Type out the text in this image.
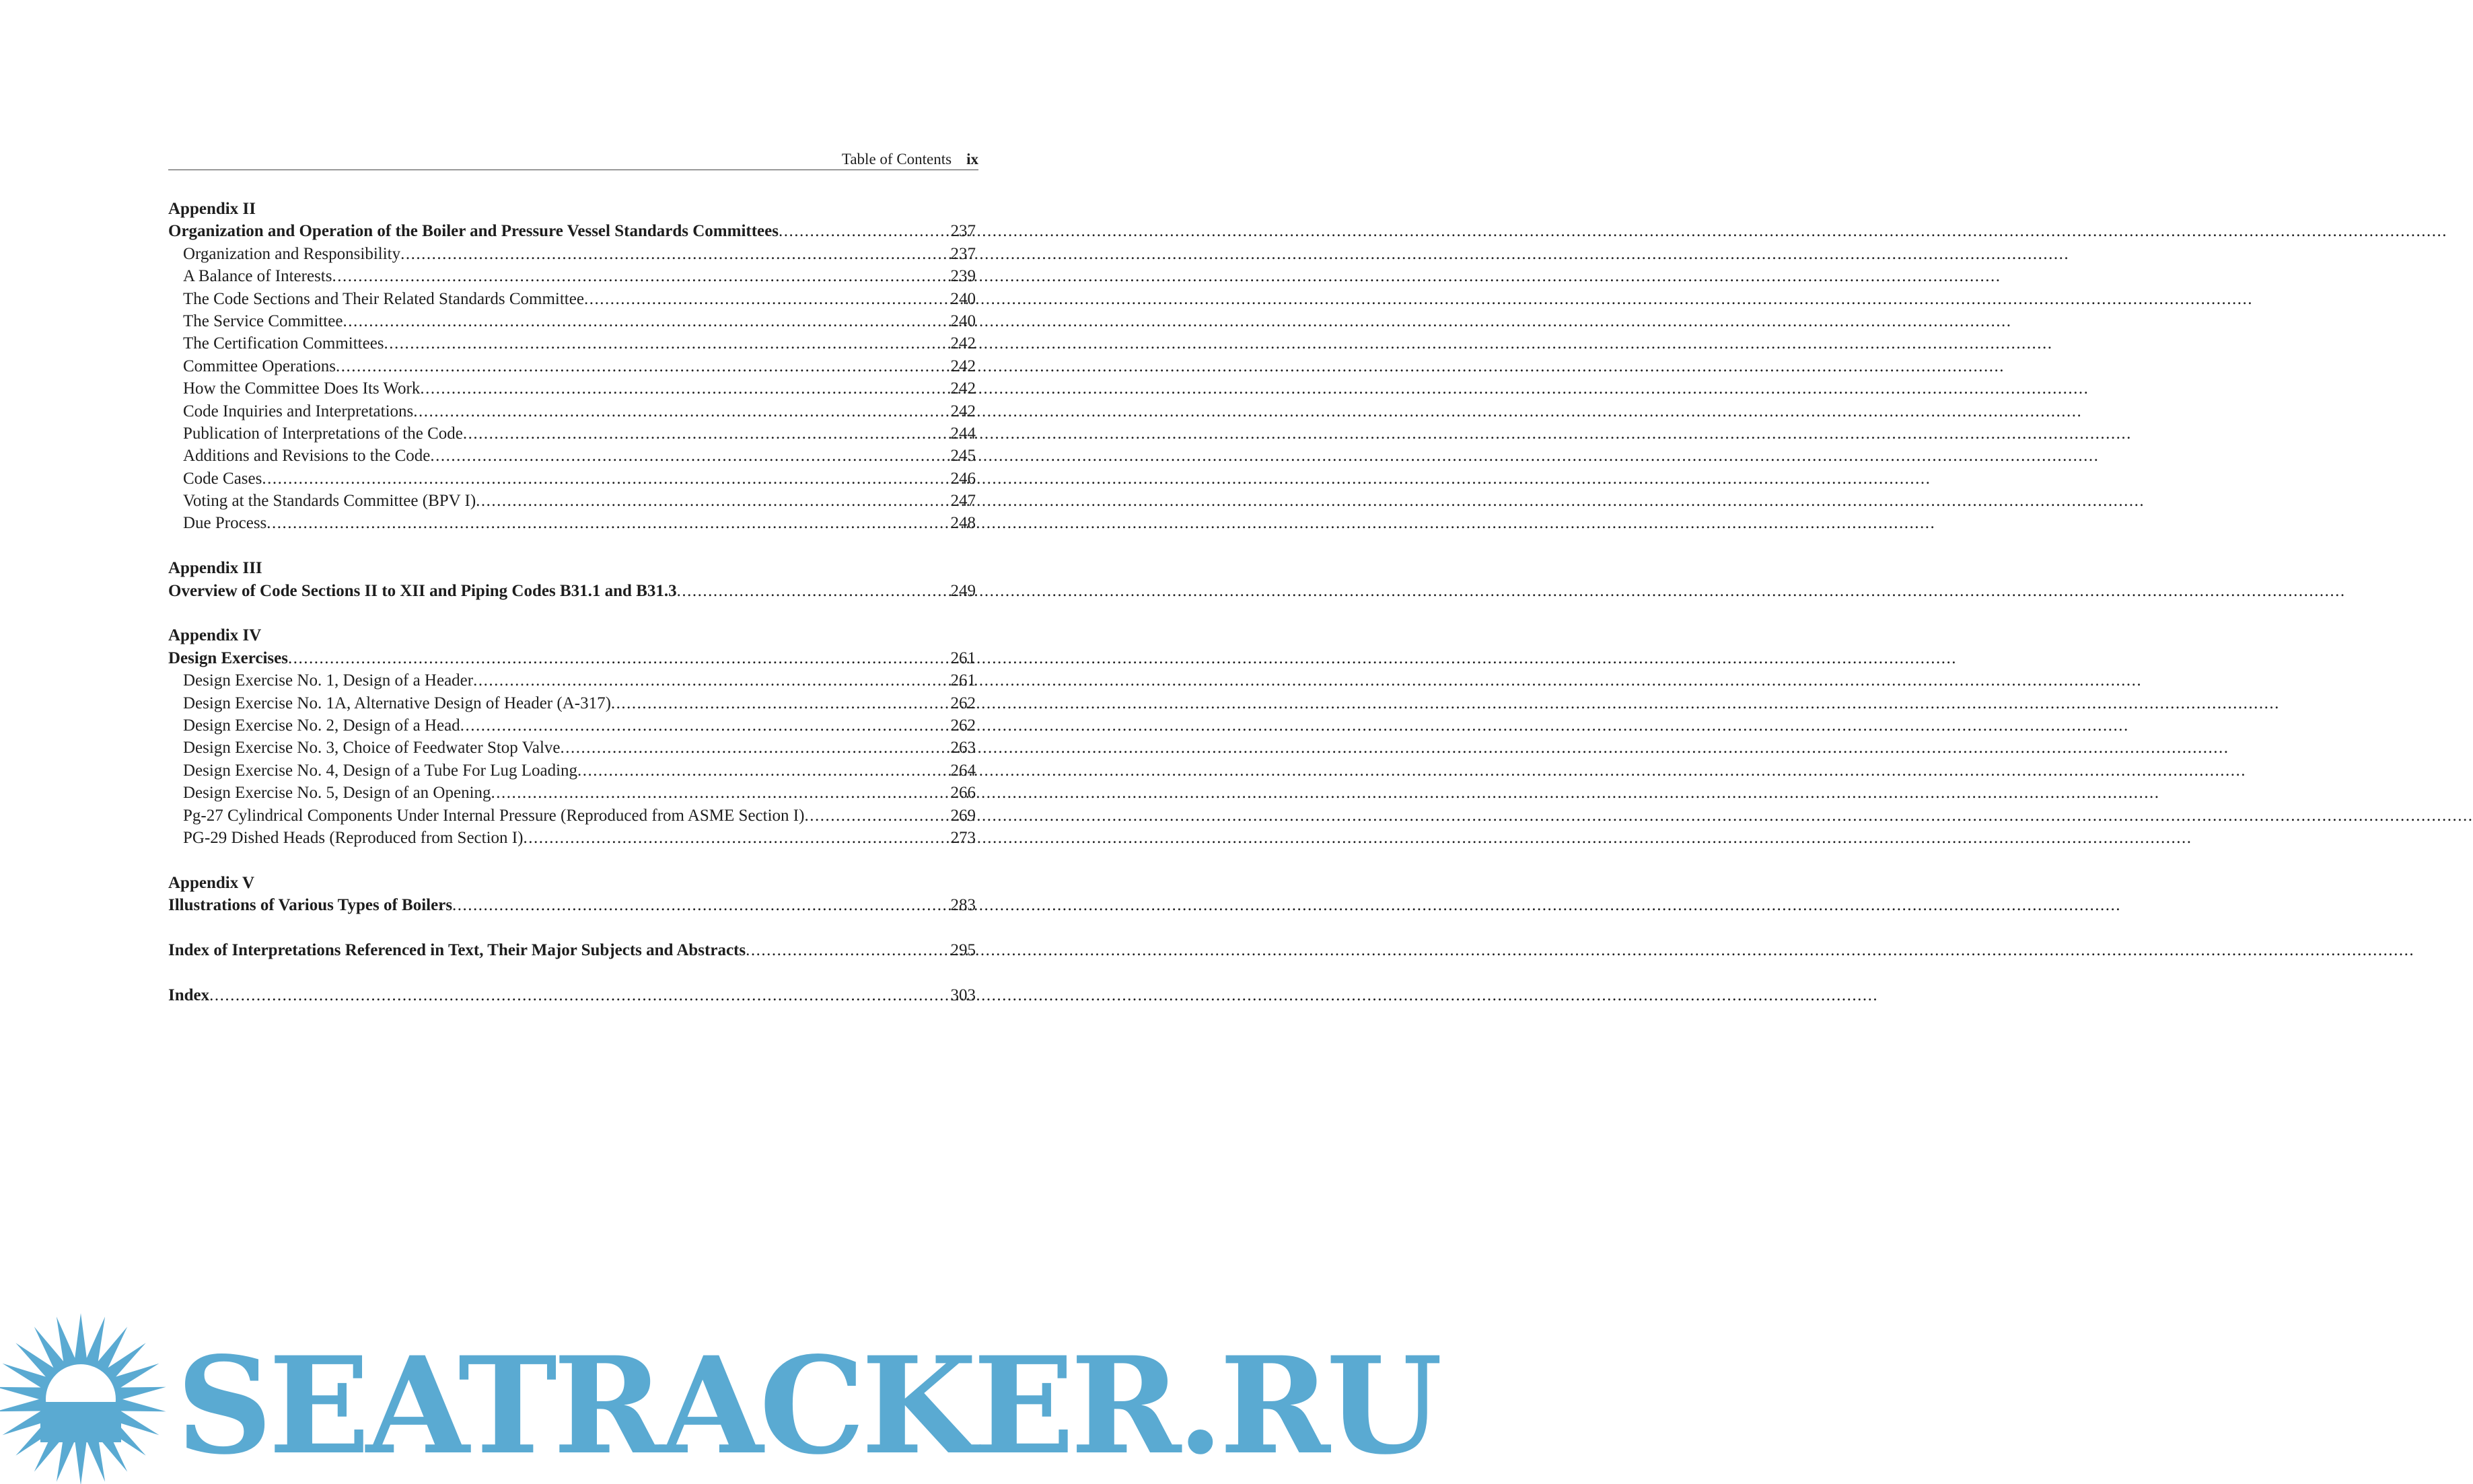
Table of Contents ix
Appendix II
Organization and Operation of the Boiler and Pressure Vessel Standards Committees .....	237
Organization and Responsibility .....	237
A Balance of Interests .....	239
The Code Sections and Their Related Standards Committee .....	240
The Service Committee .....	240
The Certification Committees .....	242
Committee Operations .....	242
How the Committee Does Its Work .....	242
Code Inquiries and Interpretations .....	242
Publication of Interpretations of the Code .....	244
Additions and Revisions to the Code .....	245
Code Cases .....	246
Voting at the Standards Committee (BPV I) .....	247
Due Process .....	248
Appendix III
Overview of Code Sections II to XII and Piping Codes B31.1 and B31.3 .....	249
Appendix IV
Design Exercises .....	261
Design Exercise No. 1, Design of a Header .....	261
Design Exercise No. 1A, Alternative Design of Header (A-317) .....	262
Design Exercise No. 2, Design of a Head .....	262
Design Exercise No. 3, Choice of Feedwater Stop Valve .....	263
Design Exercise No. 4, Design of a Tube For Lug Loading .....	264
Design Exercise No. 5, Design of an Opening .....	266
Pg-27 Cylindrical Components Under Internal Pressure (Reproduced from ASME Section I) .....	269
PG-29 Dished Heads (Reproduced from Section I) .....	273
Appendix V
Illustrations of Various Types of Boilers .....	283
Index of Interpretations Referenced in Text, Their Major Subjects and Abstracts .....	295
Index .....	303
SEATRACKER.RU
